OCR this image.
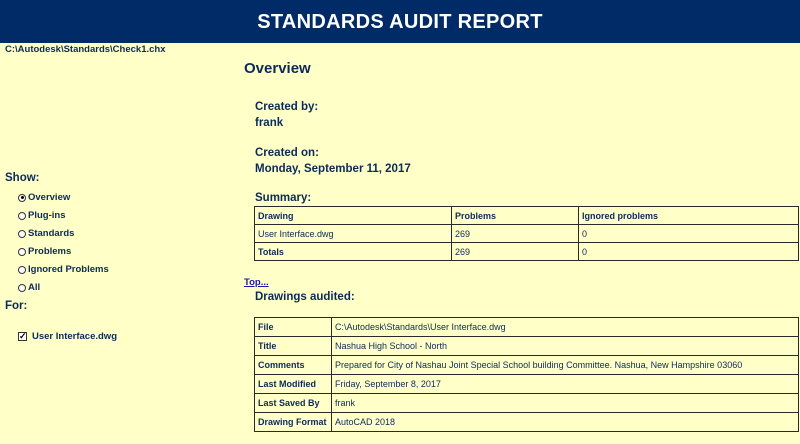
STANDARDS AUDIT REPORT
C:\Autodesk\Standards\Check1.chx
Show:
Overview
Plug-ins
Standards
Problems
Ignored Problems
All
For:
✓ User Interface.dwg
Overview
Created by:
frank
Created on:
Monday, September 11, 2017
Summary:
Drawing	Problems	Ignored problems
User Interface.dwg	269	0
Totals	269	0
Top...
Drawings audited:
File	C:\Autodesk\Standards\User Interface.dwg
Title	Nashua High School - North
Comments	Prepared for City of Nashau Joint Special School building Committee. Nashua, New Hampshire 03060
Last Modified	Friday, September 8, 2017
Last Saved By	frank
Drawing Format	AutoCAD 2018
